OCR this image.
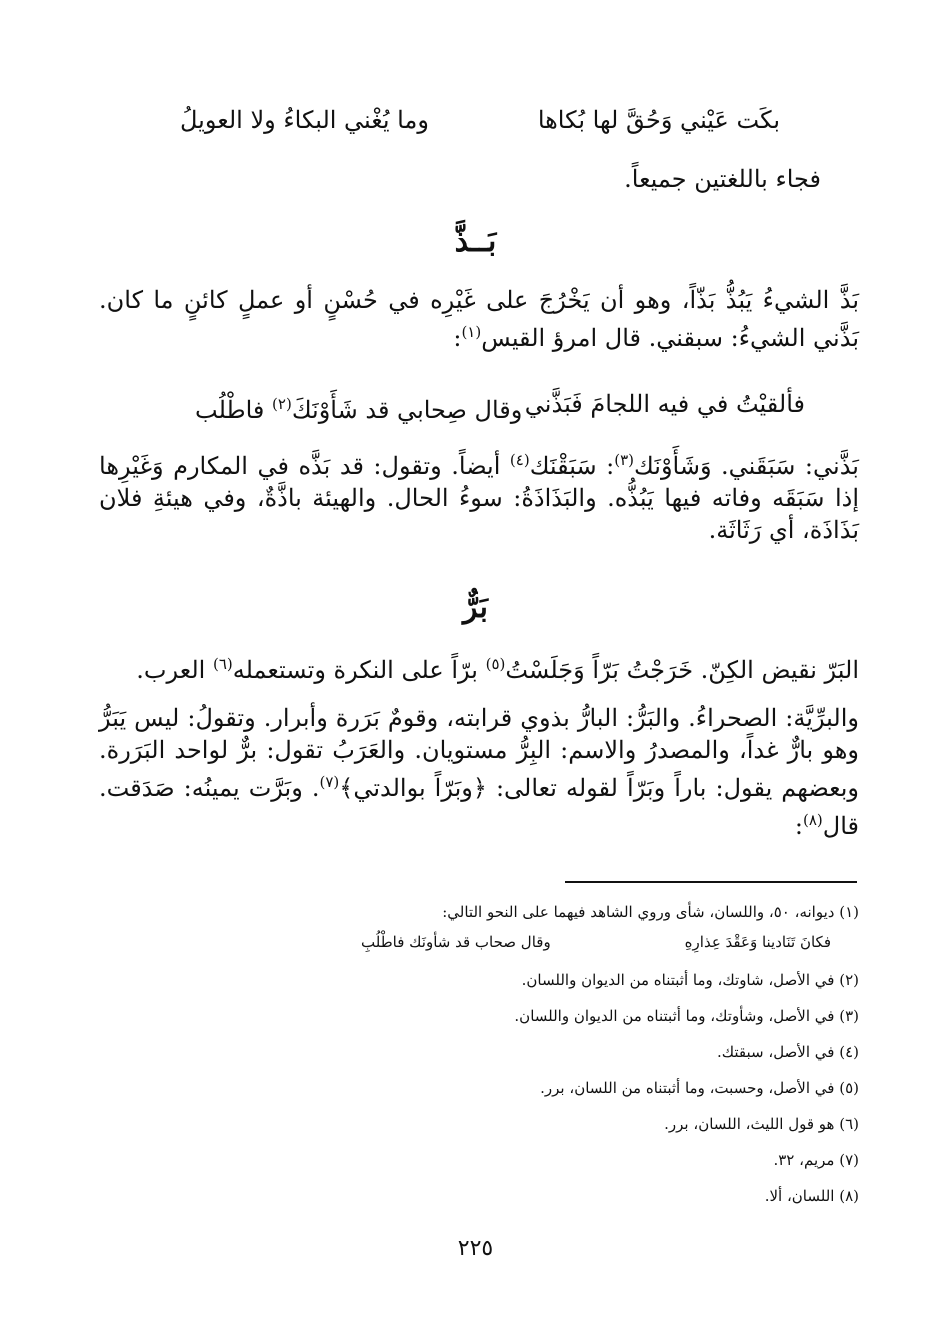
بكَت عَيْني وَحُقَّ لها بُكاها
وما يُغْني البكاءُ ولا العويلُ
فجاء باللغتين جميعاً.
بَــذَّ
بَذَّ الشيءُ يَبُذُّ بَذّاً، وهو أن يَخْرُجَ على غَيْرِه في حُسْنٍ أو عملٍ كائنٍ ما كان. بَذَّني الشيءُ: سبقني. قال امرؤ القيس$^{(١)}$:
فألقيْتُ في فيه اللجامَ فَبَذَّني
وقال صِحابي قد شَأَوْنَكَ$^{(٢)}$ فاطْلُب
بَذَّني: سَبَقَني. وَشَأَوْنَك$^{(٣)}$: سَبَقْنَك$^{(٤)}$ أيضاً. وتقول: قد بَذَّه في المكارم وَغَيْرِها إذا سَبَقَه وفاته فيها يَبُذُّه. والبَذَاذَةُ: سوءُ الحال. والهيئة باذَّةٌ، وفي هيئةِ فلان بَذَاذَة، أي رَثَاثَة.
بَرٌّ
البَرّ نقيض الكِنّ. خَرَجْتُ بَرّاً وَجَلَسْتُ$^{(٥)}$ برّاً على النكرة وتستعمله$^{(٦)}$ العرب.
والبرِّيَّة: الصحراءُ. والبَرُّ: البارُّ بذوي قرابته، وقومٌ بَرَرة وأبرار. وتقولُ: ليس يَبَرُّ وهو بارٌّ غداً، والمصدرُ والاسم: البِرُّ مستويان. والعَرَبُ تقول: برٌّ لواحد البَرَرة. وبعضهم يقول: باراً وبَرّاً لقوله تعالى: ﴿وبَرّاً بوالدتي﴾$^{(٧)}$. وبَرَّت يمينُه: صَدَقت. قال$^{(٨)}$:
(١) ديوانه، ٥٠، واللسان، شأى وروي الشاهد فيهما على النحو التالي:
فكانَ تَنَادينا وَعَقْدَ عِذارِهِ
وقال صحاب قد شأونَك فاطْلُبِ
(٢) في الأصل، شاوتك، وما أثبتناه من الديوان واللسان.
(٣) في الأصل، وشأوتك، وما أثبتناه من الديوان واللسان.
(٤) في الأصل، سبقتك.
(٥) في الأصل، وحسبت، وما أثبتناه من اللسان، برر.
(٦) هو قول الليث، اللسان، برر.
(٧) مريم، ٣٢.
(٨) اللسان، ألا.
٢٢٥
